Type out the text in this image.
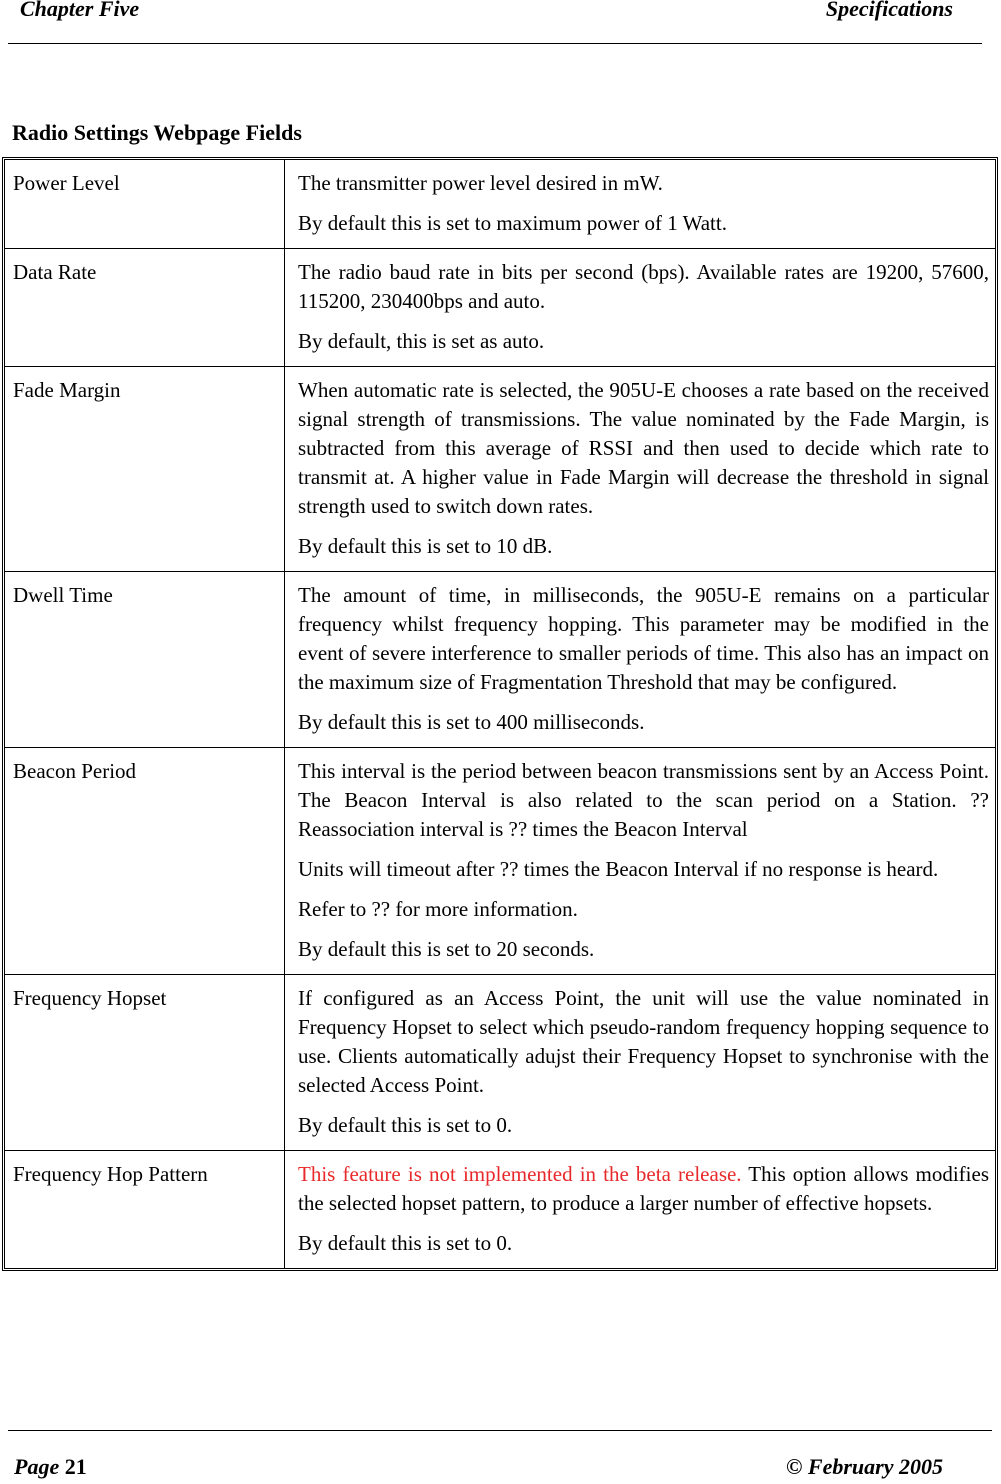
Chapter Five	Specifications
Radio Settings Webpage Fields
Power Level	The transmitter power level desired in mW.

By default this is set to maximum power of 1 Watt.

Data Rate	The radio baud rate in bits per second (bps). Available rates are 19200, 57600, 115200, 230400bps and auto.

By default, this is set as auto.

Fade Margin	When automatic rate is selected, the 905U-E chooses a rate based on the received signal strength of transmissions. The value nominated by the Fade Margin, is subtracted from this average of RSSI and then used to decide which rate to transmit at. A higher value in Fade Margin will decrease the threshold in signal strength used to switch down rates.

By default this is set to 10 dB.

Dwell Time	The amount of time, in milliseconds, the 905U-E remains on a particular frequency whilst frequency hopping. This parameter may be modified in the event of severe interference to smaller periods of time. This also has an impact on the maximum size of Fragmentation Threshold that may be configured.

By default this is set to 400 milliseconds.

Beacon Period	This interval is the period between beacon transmissions sent by an Access Point. The Beacon Interval is also related to the scan period on a Station. ??Reassociation interval is ?? times the Beacon Interval

Units will timeout after ?? times the Beacon Interval if no response is heard.

Refer to ?? for more information.

By default this is set to 20 seconds.

Frequency Hopset	If configured as an Access Point, the unit will use the value nominated in Frequency Hopset to select which pseudo-random frequency hopping sequence to use. Clients automatically adujst their Frequency Hopset to synchronise with the selected Access Point.

By default this is set to 0.

Frequency Hop Pattern	This feature is not implemented in the beta release. This option allows modifies the selected hopset pattern, to produce a larger number of effective hopsets.

By default this is set to 0.

Page 21	© February 2005
